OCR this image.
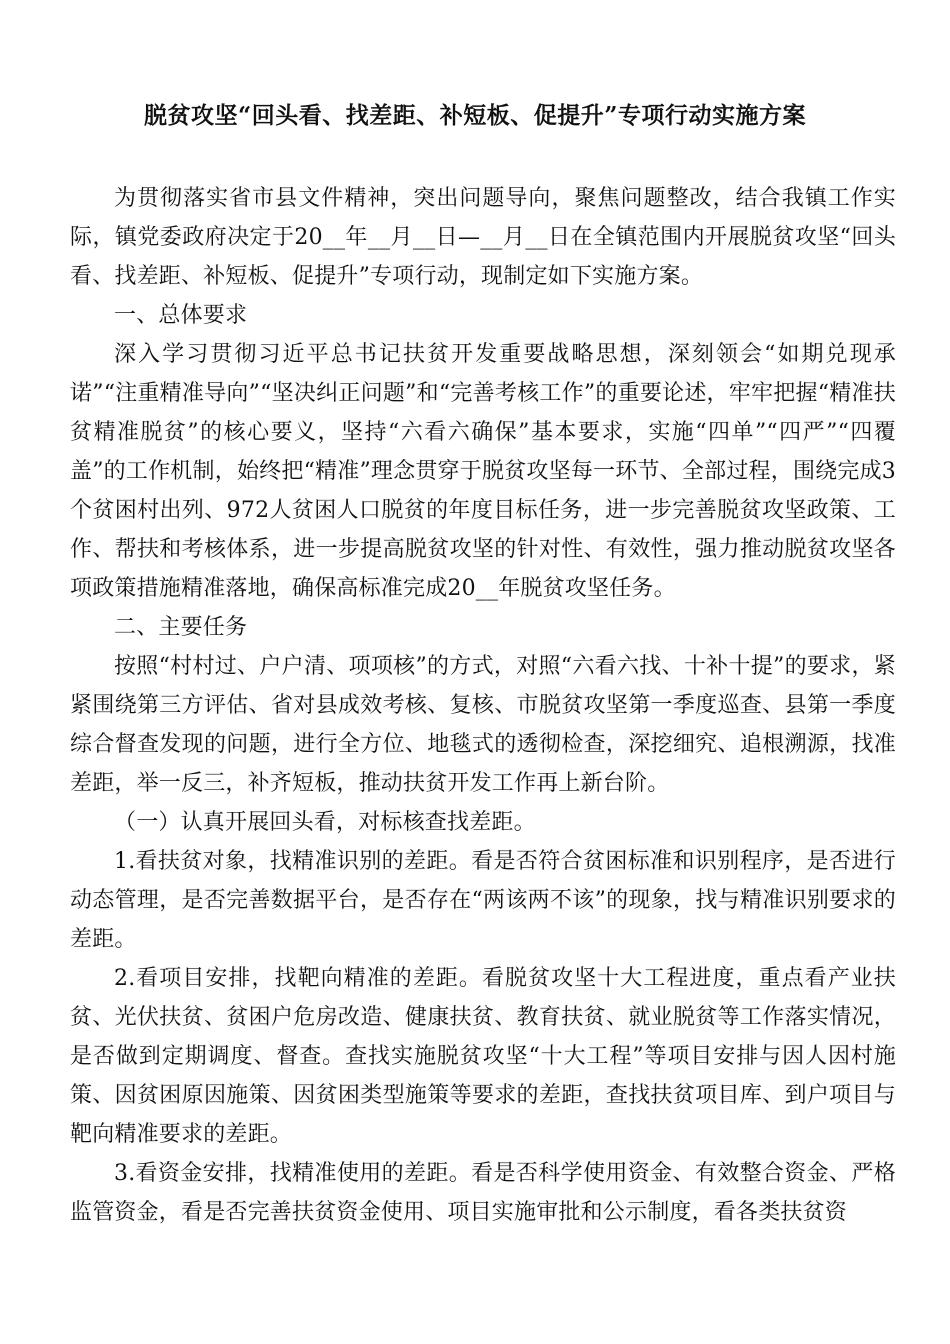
脱贫攻坚“回头看、找差距、补短板、促提升”专项行动实施方案

为贯彻落实省市县文件精神，突出问题导向，聚焦问题整改，结合我镇工作实际，镇党委政府决定于20__年__月__日—__月__日在全镇范围内开展脱贫攻坚“回头看、找差距、补短板、促提升”专项行动，现制定如下实施方案。

一、总体要求

深入学习贯彻习近平总书记扶贫开发重要战略思想，深刻领会“如期兑现承诺”“注重精准导向”“坚决纠正问题”和“完善考核工作”的重要论述，牢牢把握“精准扶贫精准脱贫”的核心要义，坚持“六看六确保”基本要求，实施“四单”“四严”“四覆盖”的工作机制，始终把“精准”理念贯穿于脱贫攻坚每一环节、全部过程，围绕完成3个贫困村出列、972人贫困人口脱贫的年度目标任务，进一步完善脱贫攻坚政策、工作、帮扶和考核体系，进一步提高脱贫攻坚的针对性、有效性，强力推动脱贫攻坚各项政策措施精准落地，确保高标准完成20__年脱贫攻坚任务。

二、主要任务

按照“村村过、户户清、项项核”的方式，对照“六看六找、十补十提”的要求，紧紧围绕第三方评估、省对县成效考核、复核、市脱贫攻坚第一季度巡查、县第一季度综合督查发现的问题，进行全方位、地毯式的透彻检查，深挖细究、追根溯源，找准差距，举一反三，补齐短板，推动扶贫开发工作再上新台阶。

（一）认真开展回头看，对标核查找差距。

1.看扶贫对象，找精准识别的差距。看是否符合贫困标准和识别程序，是否进行动态管理，是否完善数据平台，是否存在“两该两不该”的现象，找与精准识别要求的差距。

2.看项目安排，找靶向精准的差距。看脱贫攻坚十大工程进度，重点看产业扶贫、光伏扶贫、贫困户危房改造、健康扶贫、教育扶贫、就业脱贫等工作落实情况，是否做到定期调度、督查。查找实施脱贫攻坚“十大工程”等项目安排与因人因村施策、因贫困原因施策、因贫困类型施策等要求的差距，查找扶贫项目库、到户项目与靶向精准要求的差距。

3.看资金安排，找精准使用的差距。看是否科学使用资金、有效整合资金、严格监管资金，看是否完善扶贫资金使用、项目实施审批和公示制度，看各类扶贫资
